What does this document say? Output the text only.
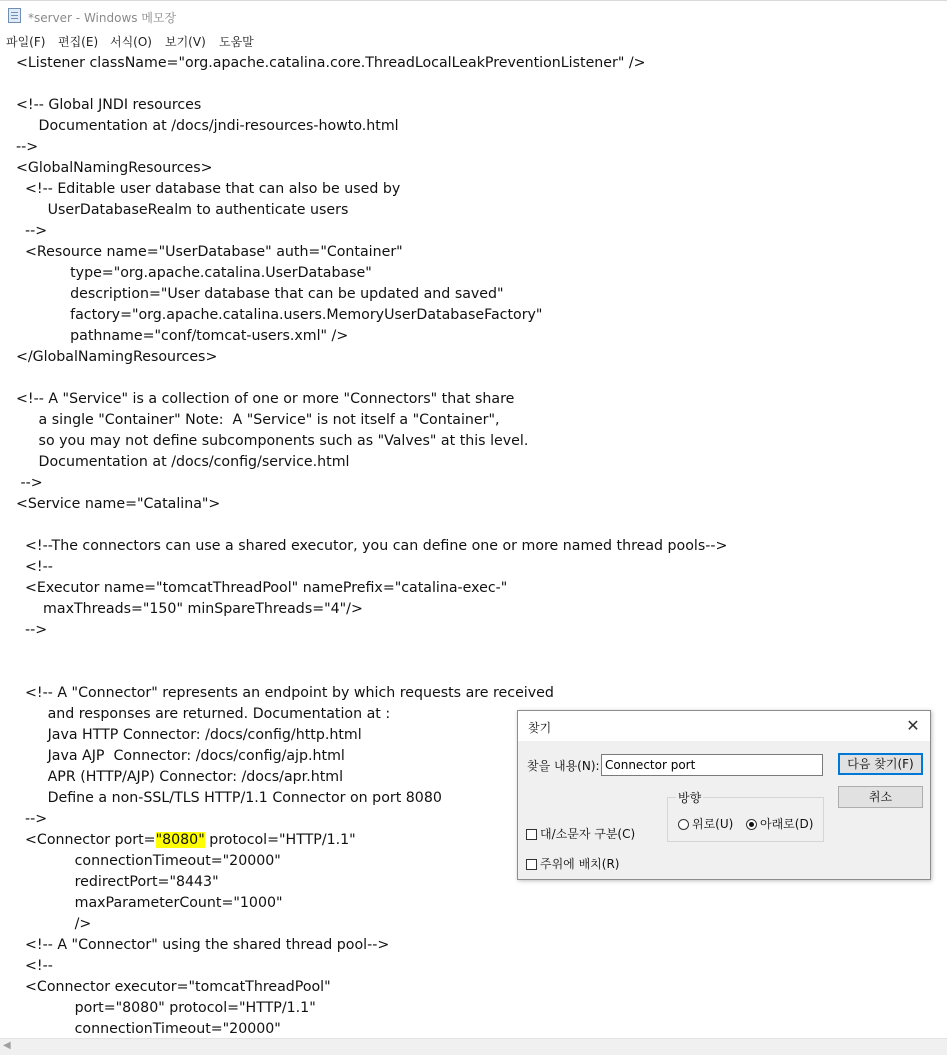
*server - Windows 메모장
파일(F) 편집(E) 서식(O) 보기(V) 도움말
<Listener className="org.apache.catalina.core.ThreadLocalLeakPreventionListener" />
<!-- Global JNDI resources
Documentation at /docs/jndi-resources-howto.html
-->
<GlobalNamingResources>
<!-- Editable user database that can also be used by
UserDatabaseRealm to authenticate users
-->
<Resource name="UserDatabase" auth="Container"
type="org.apache.catalina.UserDatabase"
description="User database that can be updated and saved"
factory="org.apache.catalina.users.MemoryUserDatabaseFactory"
pathname="conf/tomcat-users.xml" />
</GlobalNamingResources>
<!-- A "Service" is a collection of one or more "Connectors" that share
a single "Container" Note:  A "Service" is not itself a "Container",
so you may not define subcomponents such as "Valves" at this level.
Documentation at /docs/config/service.html
-->
<Service name="Catalina">
<!--The connectors can use a shared executor, you can define one or more named thread pools-->
<!--
<Executor name="tomcatThreadPool" namePrefix="catalina-exec-"
maxThreads="150" minSpareThreads="4"/>
-->
<!-- A "Connector" represents an endpoint by which requests are received
and responses are returned. Documentation at :
Java HTTP Connector: /docs/config/http.html
Java AJP  Connector: /docs/config/ajp.html
APR (HTTP/AJP) Connector: /docs/apr.html
Define a non-SSL/TLS HTTP/1.1 Connector on port 8080
-->
<Connector port="8080" protocol="HTTP/1.1"
connectionTimeout="20000"
redirectPort="8443"
maxParameterCount="1000"
/>
<!-- A "Connector" using the shared thread pool-->
<!--
<Connector executor="tomcatThreadPool"
port="8080" protocol="HTTP/1.1"
connectionTimeout="20000"
◀
찾기	✕
찾을 내용(N):
Connector port	다음 찾기(F)
취소
방향
위로(U)	아래로(D)
대/소문자 구분(C)
주위에 배치(R)
